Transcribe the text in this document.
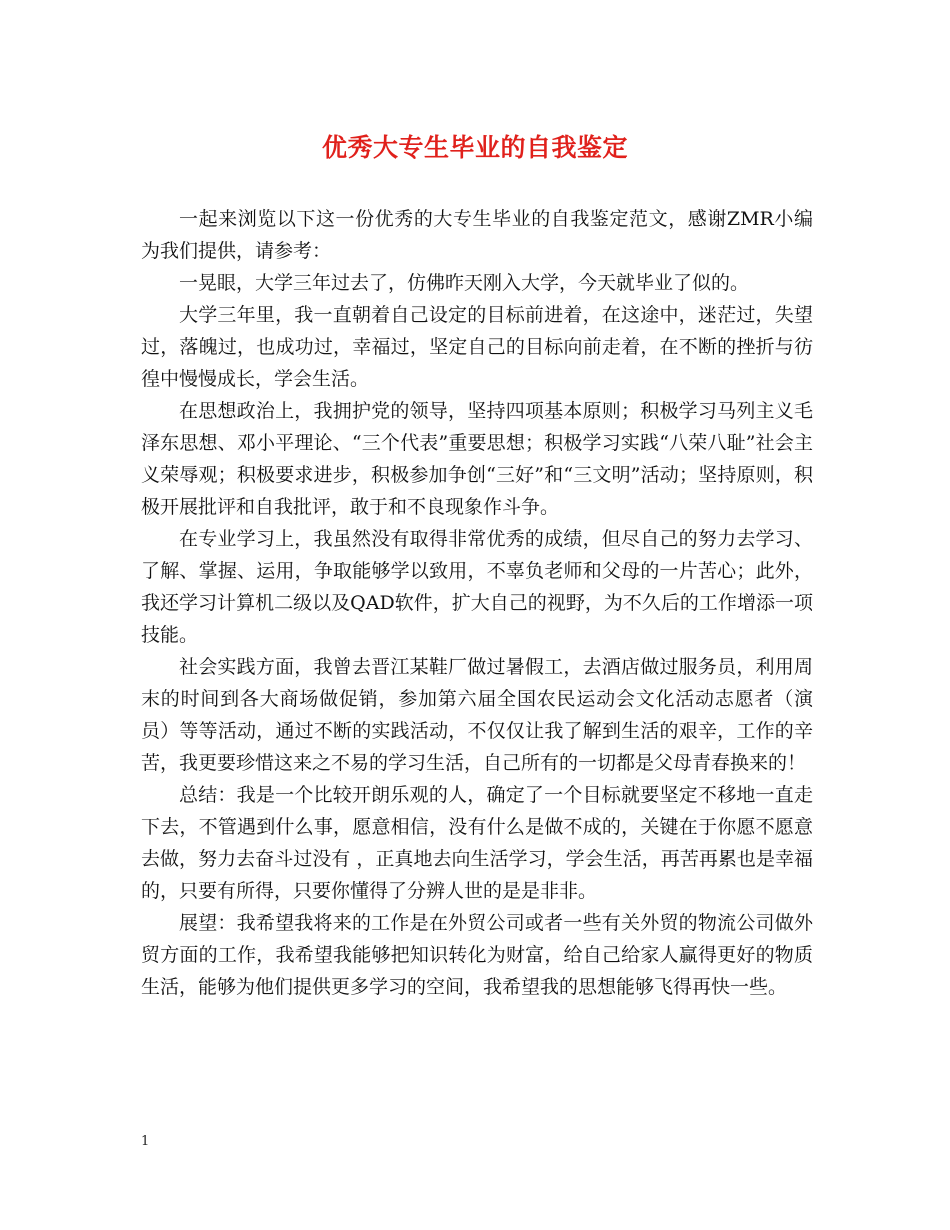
优秀大专生毕业的自我鉴定

一起来浏览以下这一份优秀的大专生毕业的自我鉴定范文，感谢ZMR小编为我们提供，请参考：

一晃眼，大学三年过去了，仿佛昨天刚入大学，今天就毕业了似的。

大学三年里，我一直朝着自己设定的目标前进着，在这途中，迷茫过，失望过，落魄过，也成功过，幸福过，坚定自己的目标向前走着，在不断的挫折与彷徨中慢慢成长，学会生活。

在思想政治上，我拥护党的领导，坚持四项基本原则；积极学习马列主义毛泽东思想、邓小平理论、“三个代表”重要思想；积极学习实践“八荣八耻”社会主义荣辱观；积极要求进步，积极参加争创“三好”和“三文明”活动；坚持原则，积极开展批评和自我批评，敢于和不良现象作斗争。

在专业学习上，我虽然没有取得非常优秀的成绩，但尽自己的努力去学习、了解、掌握、运用，争取能够学以致用，不辜负老师和父母的一片苦心；此外，我还学习计算机二级以及QAD软件，扩大自己的视野，为不久后的工作增添一项技能。

社会实践方面，我曾去晋江某鞋厂做过暑假工，去酒店做过服务员，利用周末的时间到各大商场做促销，参加第六届全国农民运动会文化活动志愿者（演员）等等活动，通过不断的实践活动，不仅仅让我了解到生活的艰辛，工作的辛苦，我更要珍惜这来之不易的学习生活，自己所有的一切都是父母青春换来的！

总结：我是一个比较开朗乐观的人，确定了一个目标就要坚定不移地一直走下去，不管遇到什么事，愿意相信，没有什么是做不成的，关键在于你愿不愿意去做，努力去奋斗过没有 ，正真地去向生活学习，学会生活，再苦再累也是幸福的，只要有所得，只要你懂得了分辨人世的是是非非。

展望：我希望我将来的工作是在外贸公司或者一些有关外贸的物流公司做外贸方面的工作，我希望我能够把知识转化为财富，给自己给家人赢得更好的物质生活，能够为他们提供更多学习的空间，我希望我的思想能够飞得再快一些。

1
